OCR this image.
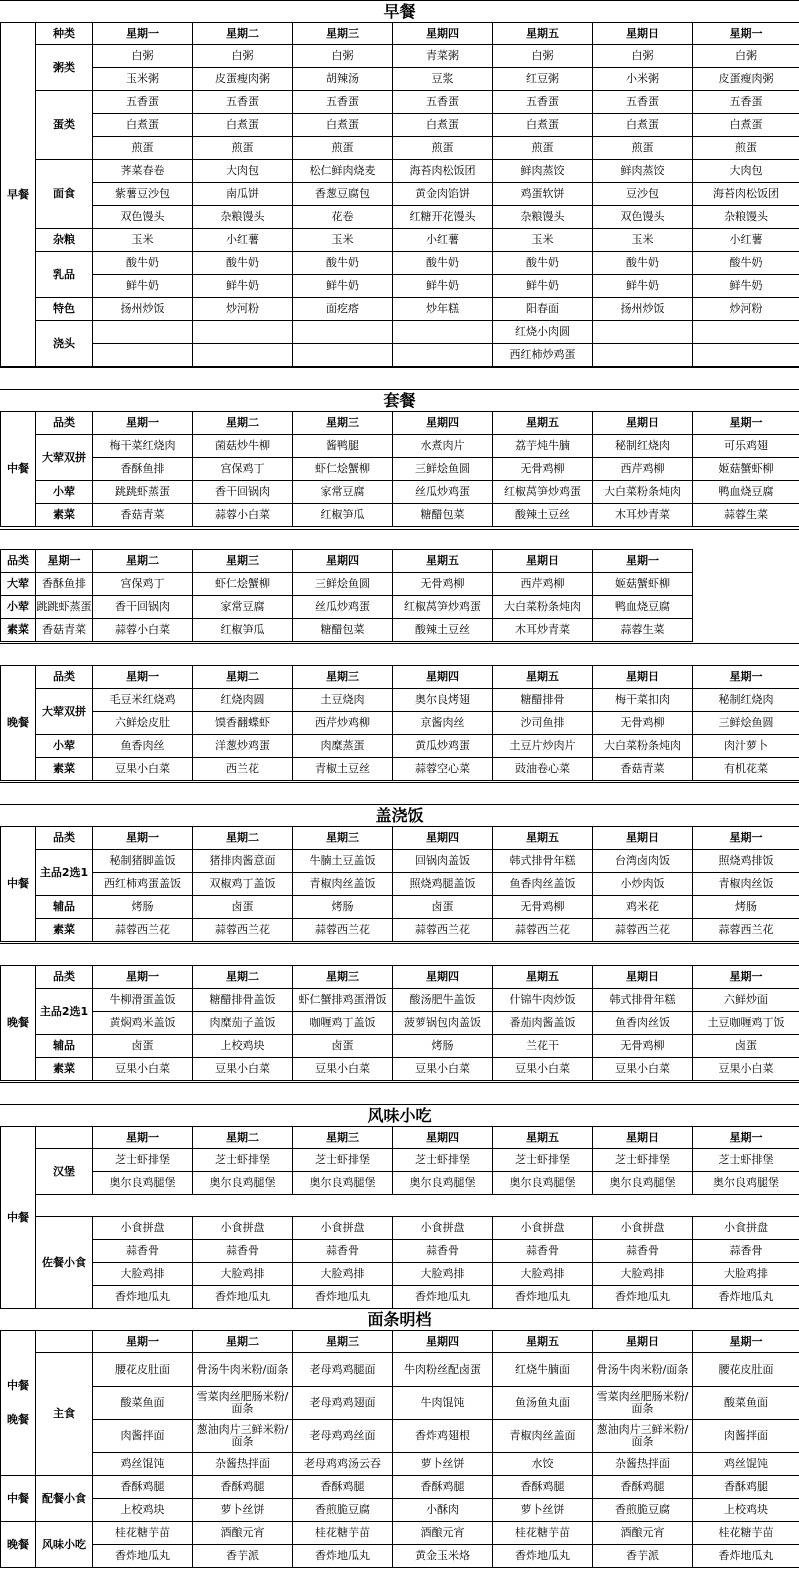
早餐
早餐	种类	星期一	星期二	星期三	星期四	星期五	星期日	星期一
	粥类	白粥	白粥	白粥	青菜粥	白粥	白粥	白粥
		玉米粥	皮蛋瘦肉粥	胡辣汤	豆浆	红豆粥	小米粥	皮蛋瘦肉粥
	蛋类	五香蛋	五香蛋	五香蛋	五香蛋	五香蛋	五香蛋	五香蛋
		白煮蛋	白煮蛋	白煮蛋	白煮蛋	白煮蛋	白煮蛋	白煮蛋
		煎蛋	煎蛋	煎蛋	煎蛋	煎蛋	煎蛋	煎蛋
	面食	荠菜春卷	大肉包	松仁鲜肉烧麦	海苔肉松饭团	鲜肉蒸饺	鲜肉蒸饺	大肉包
		紫薯豆沙包	南瓜饼	香葱豆腐包	黄金肉馅饼	鸡蛋软饼	豆沙包	海苔肉松饭团
		双色馒头	杂粮馒头	花卷	红糖开花馒头	杂粮馒头	双色馒头	杂粮馒头
	杂粮	玉米	小红薯	玉米	小红薯	玉米	玉米	小红薯
	乳品	酸牛奶	酸牛奶	酸牛奶	酸牛奶	酸牛奶	酸牛奶	酸牛奶
		鲜牛奶	鲜牛奶	鲜牛奶	鲜牛奶	鲜牛奶	鲜牛奶	鲜牛奶
	特色	扬州炒饭	炒河粉	面疙瘩	炒年糕	阳春面	扬州炒饭	炒河粉
	浇头					红烧小肉圆		
						西红柿炒鸡蛋		
套餐
中餐	品类	星期一	星期二	星期三	星期四	星期五	星期日	星期一
	大荤双拼	梅干菜红烧肉	菌菇炒牛柳	酱鸭腿	水煮肉片	荔芋炖牛腩	秘制红烧肉	可乐鸡翅
		香酥鱼排	宫保鸡丁	虾仁烩蟹柳	三鲜烩鱼圆	无骨鸡柳	西芹鸡柳	姬菇蟹虾柳
	小荤	跳跳虾蒸蛋	香干回锅肉	家常豆腐	丝瓜炒鸡蛋	红椒莴笋炒鸡蛋	大白菜粉条炖肉	鸭血烧豆腐
	素菜	香菇青菜	蒜蓉小白菜	红椒笋瓜	糖醋包菜	酸辣土豆丝	木耳炒青菜	蒜蓉生菜
品类	星期一	星期二	星期三	星期四	星期五	星期日	星期一
大荤	香酥鱼排	宫保鸡丁	虾仁烩蟹柳	三鲜烩鱼圆	无骨鸡柳	西芹鸡柳	姬菇蟹虾柳
小荤	跳跳虾蒸蛋	香干回锅肉	家常豆腐	丝瓜炒鸡蛋	红椒莴笋炒鸡蛋	大白菜粉条炖肉	鸭血烧豆腐
素菜	香菇青菜	蒜蓉小白菜	红椒笋瓜	糖醋包菜	酸辣土豆丝	木耳炒青菜	蒜蓉生菜
晚餐	品类	星期一	星期二	星期三	星期四	星期五	星期日	星期一
	大荤双拼	毛豆米红烧鸡	红烧肉圆	土豆烧肉	奥尔良烤翅	糖醋排骨	梅干菜扣肉	秘制红烧肉
		六鲜烩皮肚	馍香翻蝶虾	西芹炒鸡柳	京酱肉丝	沙司鱼排	无骨鸡柳	三鲜烩鱼圆
	小荤	鱼香肉丝	洋葱炒鸡蛋	肉糜蒸蛋	黄瓜炒鸡蛋	土豆片炒肉片	大白菜粉条炖肉	肉汁萝卜
	素菜	豆果小白菜	西兰花	青椒土豆丝	蒜蓉空心菜	豉油卷心菜	香菇青菜	有机花菜
盖浇饭
中餐	品类	星期一	星期二	星期三	星期四	星期五	星期日	星期一
	主品2选1	秘制猪脚盖饭	猪排肉酱意面	牛腩土豆盖饭	回锅肉盖饭	韩式排骨年糕	台湾卤肉饭	照烧鸡排饭
		西红柿鸡蛋盖饭	双椒鸡丁盖饭	青椒肉丝盖饭	照烧鸡腿盖饭	鱼香肉丝盖饭	小炒肉饭	青椒肉丝饭
	辅品	烤肠	卤蛋	烤肠	卤蛋	无骨鸡柳	鸡米花	烤肠
	素菜	蒜蓉西兰花	蒜蓉西兰花	蒜蓉西兰花	蒜蓉西兰花	蒜蓉西兰花	蒜蓉西兰花	蒜蓉西兰花
晚餐	品类	星期一	星期二	星期三	星期四	星期五	星期日	星期一
	主品2选1	牛柳滑蛋盖饭	糖醋排骨盖饭	虾仁蟹排鸡蛋滑饭	酸汤肥牛盖饭	什锦牛肉炒饭	韩式排骨年糕	六鲜炒面
		黄焖鸡米盖饭	肉糜茄子盖饭	咖喱鸡丁盖饭	菠萝锅包肉盖饭	番茄肉酱盖饭	鱼香肉丝饭	土豆咖喱鸡丁饭
	辅品	卤蛋	上校鸡块	卤蛋	烤肠	兰花干	无骨鸡柳	卤蛋
	素菜	豆果小白菜	豆果小白菜	豆果小白菜	豆果小白菜	豆果小白菜	豆果小白菜	豆果小白菜
风味小吃
中餐		星期一	星期二	星期三	星期四	星期五	星期日	星期一
	汉堡	芝士虾排堡	芝士虾排堡	芝士虾排堡	芝士虾排堡	芝士虾排堡	芝士虾排堡	芝士虾排堡
		奥尔良鸡腿堡	奥尔良鸡腿堡	奥尔良鸡腿堡	奥尔良鸡腿堡	奥尔良鸡腿堡	奥尔良鸡腿堡	奥尔良鸡腿堡

	佐餐小食	小食拼盘	小食拼盘	小食拼盘	小食拼盘	小食拼盘	小食拼盘	小食拼盘
		蒜香骨	蒜香骨	蒜香骨	蒜香骨	蒜香骨	蒜香骨	蒜香骨
		大脸鸡排	大脸鸡排	大脸鸡排	大脸鸡排	大脸鸡排	大脸鸡排	大脸鸡排
		香炸地瓜丸	香炸地瓜丸	香炸地瓜丸	香炸地瓜丸	香炸地瓜丸	香炸地瓜丸	香炸地瓜丸
面条明档
中餐
晚餐		星期一	星期二	星期三	星期四	星期五	星期日	星期一
	主食	腰花皮肚面	骨汤牛肉米粉/面条	老母鸡鸡腿面	牛肉粉丝配卤蛋	红烧牛腩面	骨汤牛肉米粉/面条	腰花皮肚面
		酸菜鱼面	雪菜肉丝肥肠米粉/面条	老母鸡鸡翅面	牛肉馄饨	鱼汤鱼丸面	雪菜肉丝肥肠米粉/面条	酸菜鱼面
		肉酱拌面	葱油肉片三鲜米粉/面条	老母鸡鸡丝面	香炸鸡翅根	青椒肉丝盖面	葱油肉片三鲜米粉/面条	肉酱拌面
		鸡丝馄饨	杂酱热拌面	老母鸡鸡汤云吞	萝卜丝饼	水饺	杂酱热拌面	鸡丝馄饨
中餐	配餐小食	香酥鸡腿	香酥鸡腿	香酥鸡腿	香酥鸡腿	香酥鸡腿	香酥鸡腿	香酥鸡腿
		上校鸡块	萝卜丝饼	香煎脆豆腐	小酥肉	萝卜丝饼	香煎脆豆腐	上校鸡块
晚餐	风味小吃	桂花糖芋苗	酒酿元宵	桂花糖芋苗	酒酿元宵	桂花糖芋苗	酒酿元宵	桂花糖芋苗
		香炸地瓜丸	香芋派	香炸地瓜丸	黄金玉米烙	香炸地瓜丸	香芋派	香炸地瓜丸
